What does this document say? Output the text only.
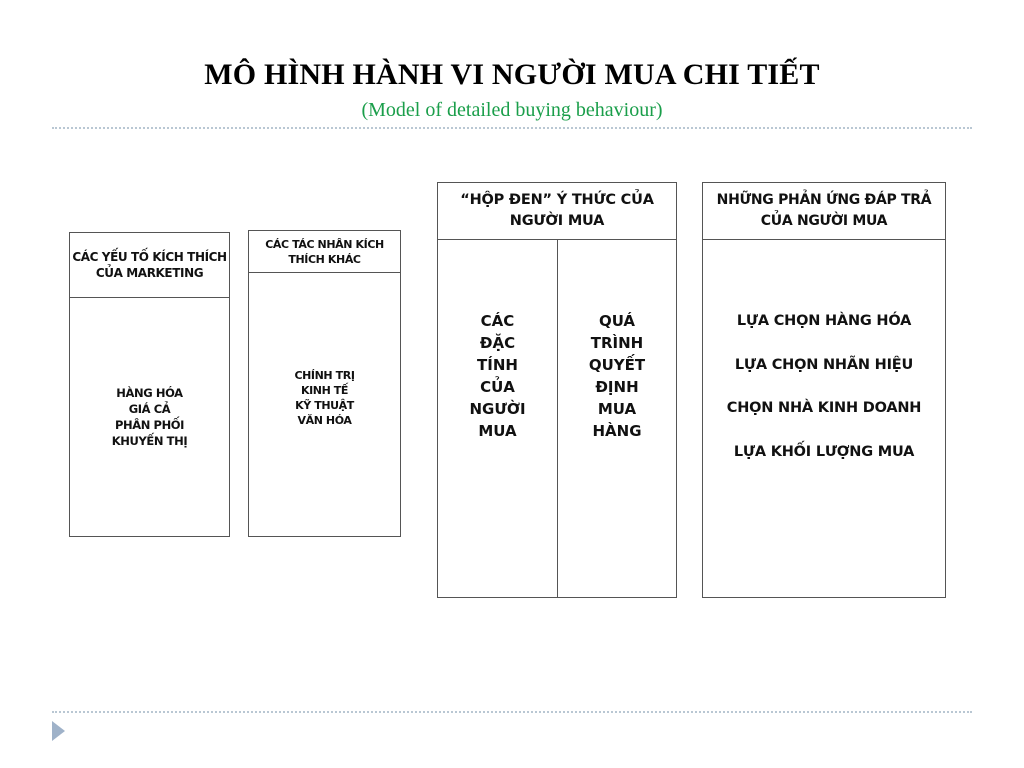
MÔ HÌNH HÀNH VI NGƯỜI MUA CHI TIẾT
(Model of detailed buying behaviour)
CÁC YẾU TỐ KÍCH THÍCH
CỦA MARKETING
HÀNG HÓA
GIÁ CẢ
PHÂN PHỐI
KHUYẾN THỊ
CÁC TÁC NHÂN KÍCH
THÍCH KHÁC
CHÍNH TRỊ
KINH TẾ
KỸ THUẬT
VĂN HÓA
“HỘP ĐEN” Ý THỨC CỦA
NGƯỜI MUA
CÁC
ĐẶC
TÍNH
CỦA
NGƯỜI
MUA
QUÁ
TRÌNH
QUYẾT
ĐỊNH
MUA
HÀNG
NHỮNG PHẢN ỨNG ĐÁP TRẢ
CỦA NGƯỜI MUA
LỰA CHỌN HÀNG HÓA
LỰA CHỌN NHÃN HIỆU
CHỌN NHÀ KINH DOANH
LỰA KHỐI LƯỢNG MUA
